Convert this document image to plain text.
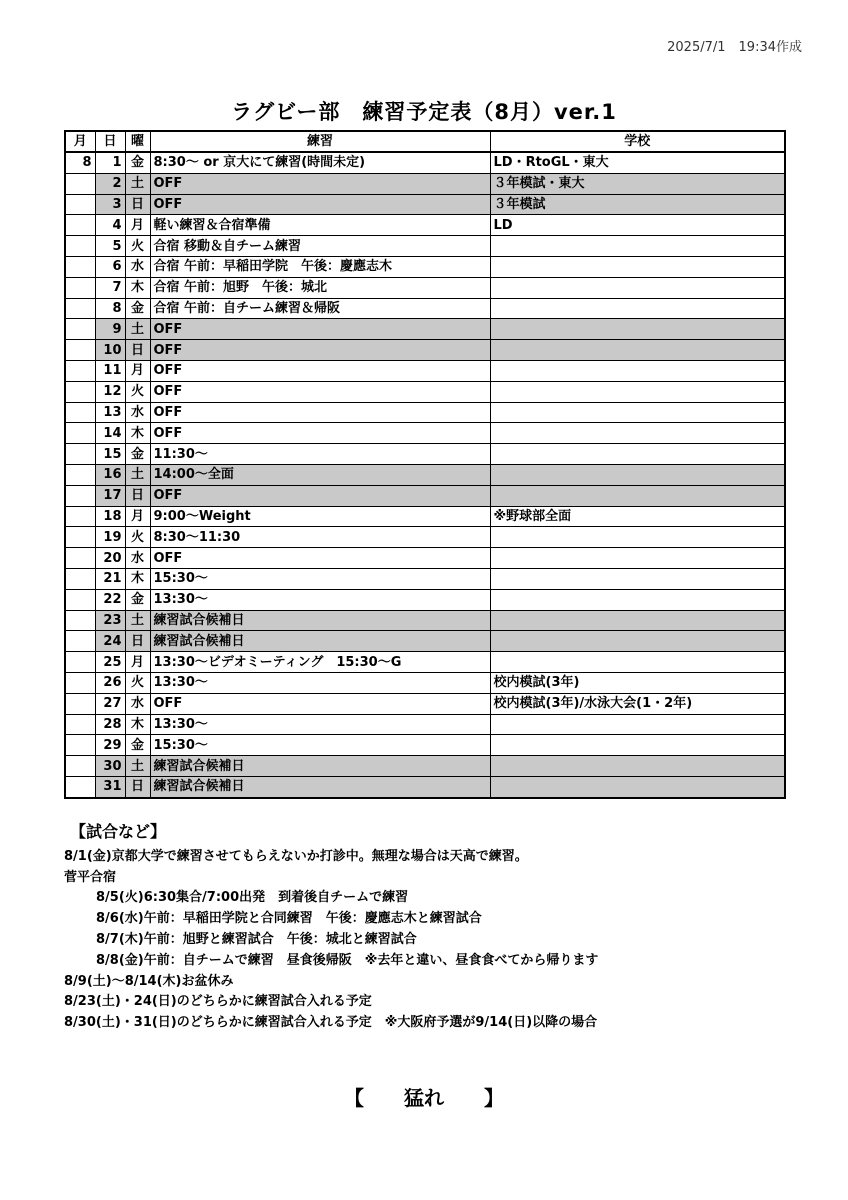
2025/7/1　19:34作成
ラグビー部　練習予定表（8月）ver.1
月	日	曜	練習	学校
8	1	金	8:30～ or 京大にて練習(時間未定)	LD・RtoGL・東大
	2	土	OFF	３年模試・東大
	3	日	OFF	３年模試
	4	月	軽い練習＆合宿準備	LD
	5	火	合宿 移動＆自チーム練習	
	6	水	合宿 午前：早稲田学院　午後：慶應志木	
	7	木	合宿 午前：旭野　午後：城北	
	8	金	合宿 午前：自チーム練習＆帰阪	
	9	土	OFF	
	10	日	OFF	
	11	月	OFF	
	12	火	OFF	
	13	水	OFF	
	14	木	OFF	
	15	金	11:30～	
	16	土	14:00～全面	
	17	日	OFF	
	18	月	9:00～Weight	※野球部全面
	19	火	8:30～11:30	
	20	水	OFF	
	21	木	15:30～	
	22	金	13:30～	
	23	土	練習試合候補日	
	24	日	練習試合候補日	
	25	月	13:30～ビデオミーティング　15:30～G	
	26	火	13:30～	校内模試(3年)
	27	水	OFF	校内模試(3年)/水泳大会(1・2年)
	28	木	13:30～	
	29	金	15:30～	
	30	土	練習試合候補日	
	31	日	練習試合候補日	
【試合など】
8/1(金)京都大学で練習させてもらえないか打診中。無理な場合は天高で練習。
菅平合宿
8/5(火)6:30集合/7:00出発　到着後自チームで練習
8/6(水)午前：早稲田学院と合同練習　午後：慶應志木と練習試合
8/7(木)午前：旭野と練習試合　午後：城北と練習試合
8/8(金)午前：自チームで練習　昼食後帰阪　※去年と違い、昼食食べてから帰ります
8/9(土)～8/14(木)お盆休み
8/23(土)・24(日)のどちらかに練習試合入れる予定
8/30(土)・31(日)のどちらかに練習試合入れる予定　※大阪府予選が9/14(日)以降の場合
【　　猛れ　　】
